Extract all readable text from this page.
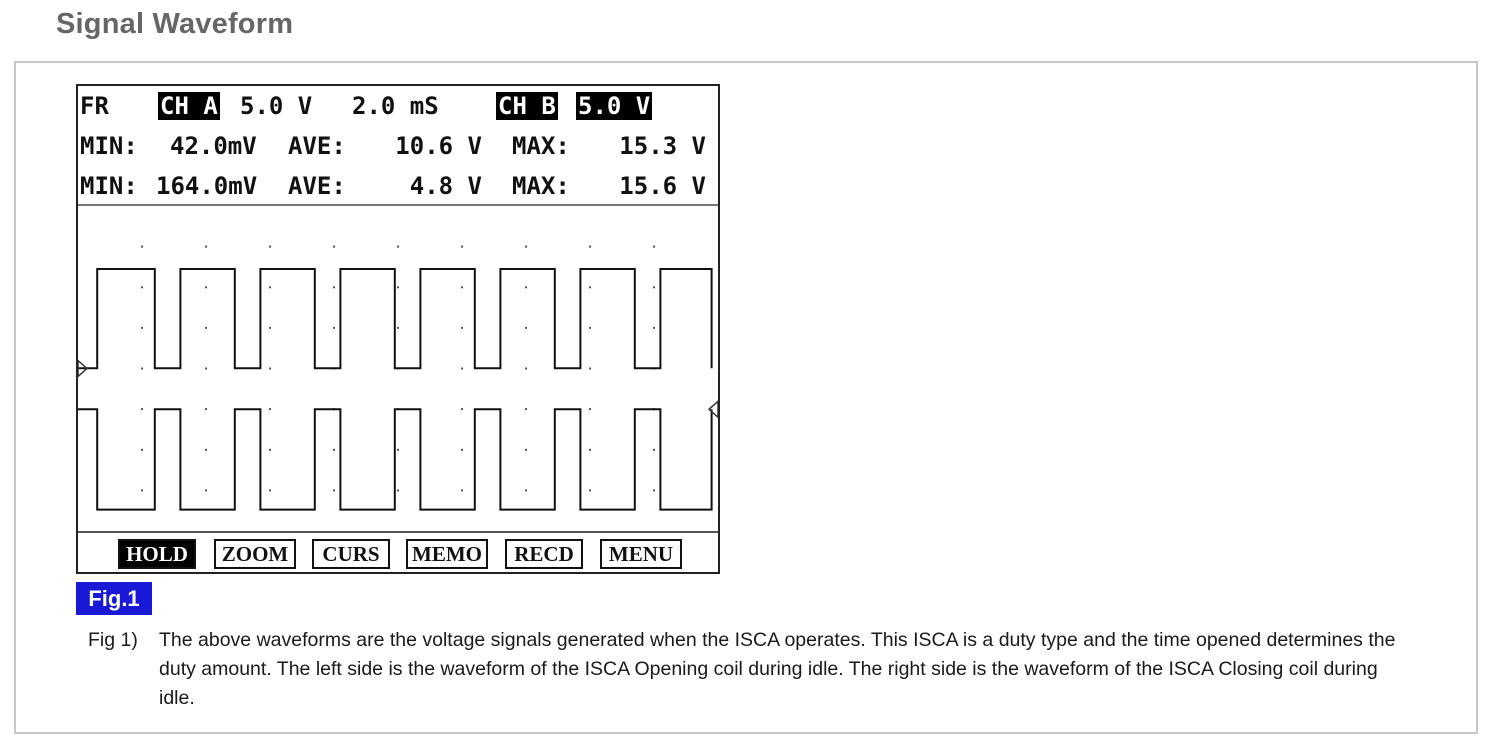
Signal Waveform
FR CH A 5.0 V 2.0 mS CH B 5.0 V
MIN: 42.0mV AVE:	10.6 V MAX:	15.3 V
MIN: 164.0mV AVE:	4.8 V MAX:	15.6 V
HOLD	ZOOM	CURS	MEMO	RECD	MENU
Fig.1
Fig 1) The above waveforms are the voltage signals generated when the ISCA operates. This ISCA is a duty type and the time opened determines the duty amount. The left side is the waveform of the ISCA Opening coil during idle. The right side is the waveform of the ISCA Closing coil during idle.
